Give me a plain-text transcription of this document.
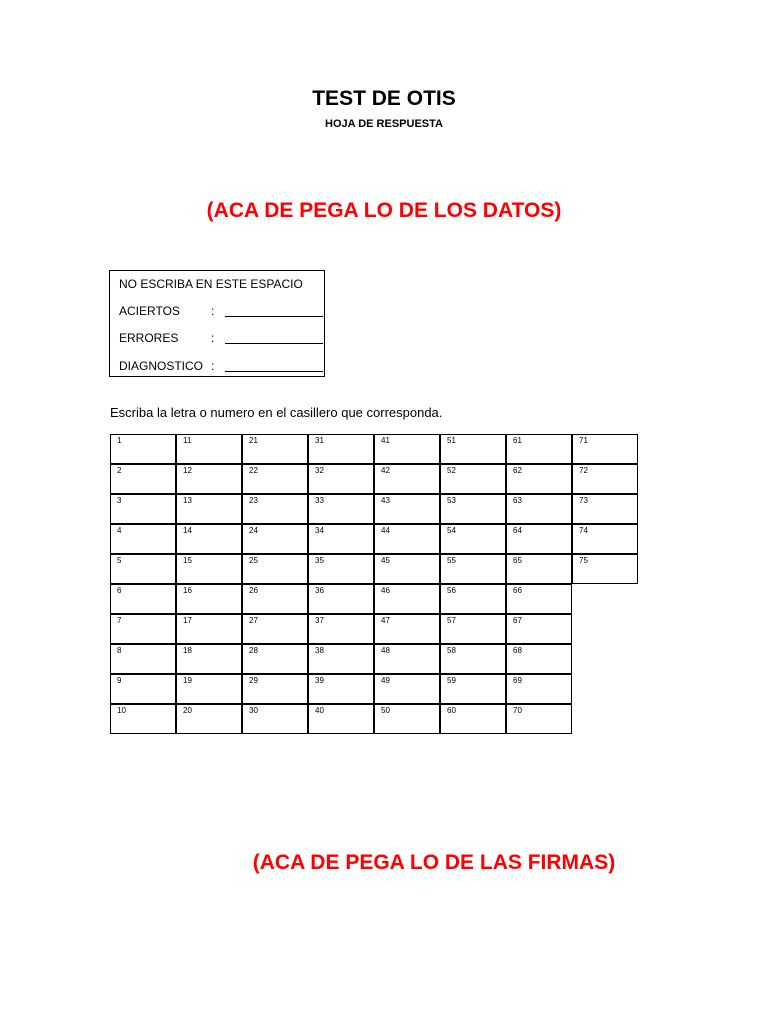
TEST DE OTIS
HOJA DE RESPUESTA
(ACA DE PEGA LO DE LOS DATOS)
NO ESCRIBA EN ESTE ESPACIO
ACIERTOS	:
ERRORES	:
DIAGNOSTICO :

Escriba la letra o numero en el casillero que corresponda.

1
2
3
4
5
6
7
8
9
10
11
12
13
14
15
16
17
18
19
20
21
22
23
24
25
26
27
28
29
30
31
32
33
34
35
36
37
38
39
40
41
42
43
44
45
46
47
48
49
50
51
52
53
54
55
56
57
58
59
60
61
62
63
64
65
66
67
68
69
70
71
72
73
74
75
(ACA DE PEGA LO DE LAS FIRMAS)
